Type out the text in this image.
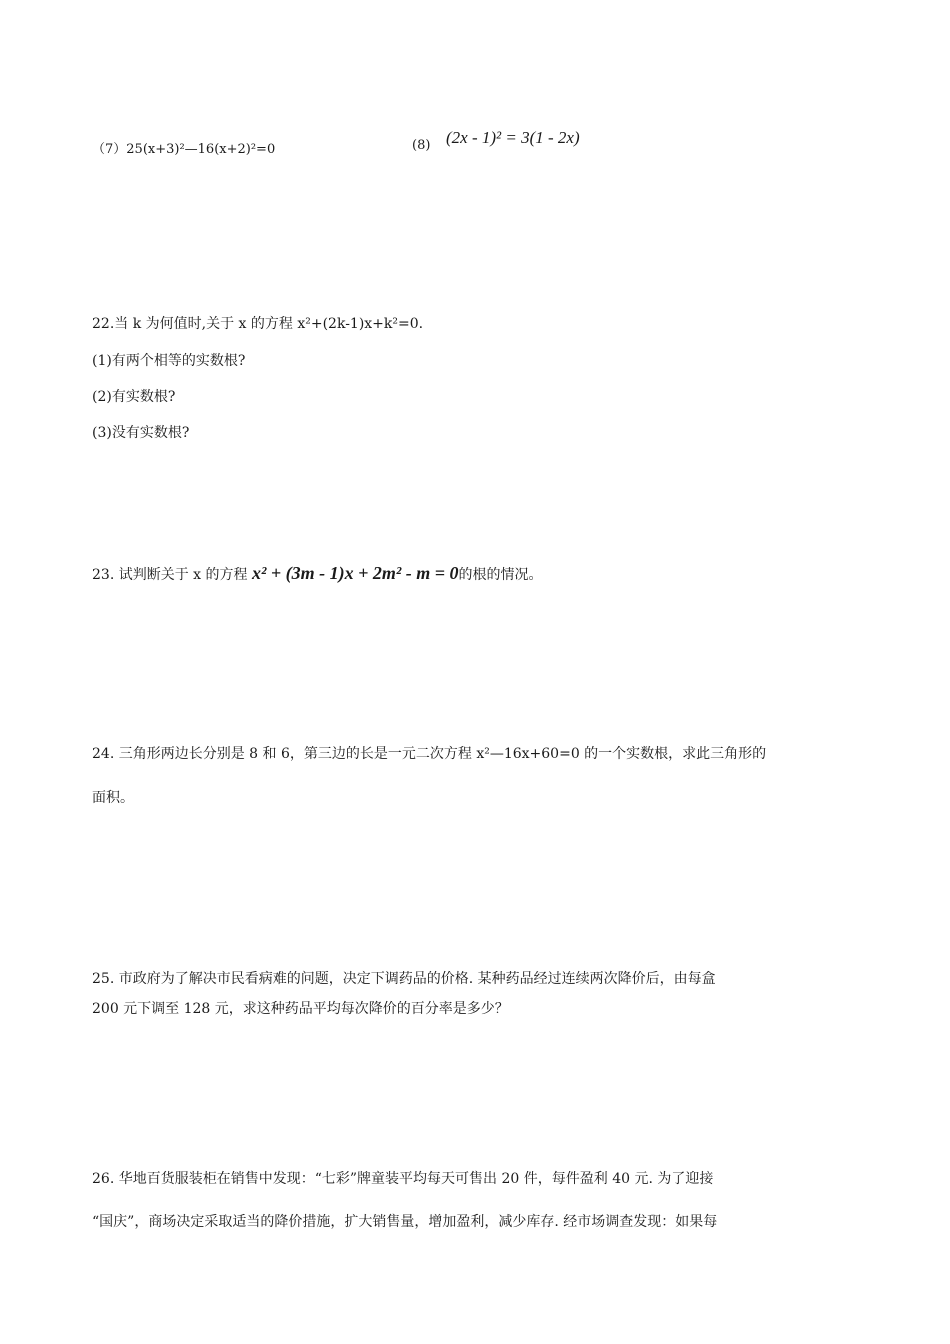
（7）25(x+3)²—16(x+2)²=0	(8) (2x - 1)² = 3(1 - 2x)
22.当 k 为何值时,关于 x 的方程 x²+(2k-1)x+k²=0.
(1)有两个相等的实数根?
(2)有实数根?
(3)没有实数根?
23. 试判断关于 x 的方程 x² + (3m - 1)x + 2m² - m = 0的根的情况。
24. 三角形两边长分别是 8 和 6，第三边的长是一元二次方程 x²—16x+60=0 的一个实数根，求此三角形的
面积。
25. 市政府为了解决市民看病难的问题，决定下调药品的价格. 某种药品经过连续两次降价后，由每盒
200 元下调至 128 元，求这种药品平均每次降价的百分率是多少？
26. 华地百货服装柜在销售中发现：“七彩”牌童装平均每天可售出 20 件，每件盈利 40 元. 为了迎接
“国庆”，商场决定采取适当的降价措施，扩大销售量，增加盈利，减少库存. 经市场调查发现：如果每
